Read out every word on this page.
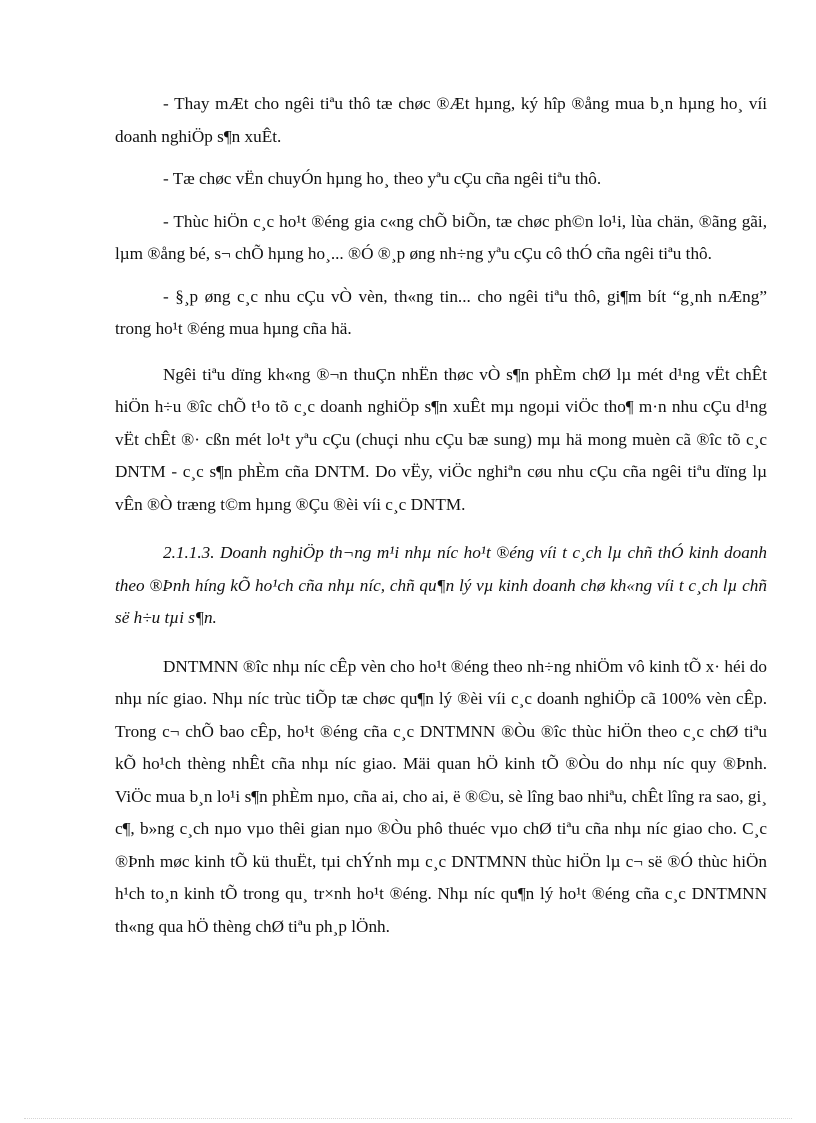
- Thay mÆt cho ngêi tiªu thô tæ chøc ®Æt hµng, ký hîp ®ång mua b¸n hµng ho¸ víi doanh nghiÖp s¶n xuÊt.

- Tæ chøc vËn chuyÓn hµng ho¸ theo yªu cÇu cña ngêi tiªu thô.

- Thùc hiÖn c¸c ho¹t ®éng gia c«ng chÕ biÕn, tæ chøc ph©n lo¹i, lùa chän, ®ãng gãi, lµm ®ång bé, s¬ chÕ hµng ho¸... ®Ó ®¸p øng nh÷ng yªu cÇu cô thÓ cña ngêi tiªu thô.

- §¸p øng c¸c nhu cÇu vÒ vèn, th«ng tin... cho ngêi tiªu thô, gi¶m bít “g¸nh nÆng” trong ho¹t ®éng mua hµng cña hä.

Ngêi tiªu dïng kh«ng ®¬n thuÇn nhËn thøc vÒ s¶n phÈm chØ lµ mét d¹ng vËt chÊt hiÖn h÷u ®îc chÕ t¹o tõ c¸c doanh nghiÖp s¶n xuÊt mµ ngoµi viÖc tho¶ m·n nhu cÇu d¹ng vËt chÊt ®· cßn mét lo¹t yªu cÇu (chuçi nhu cÇu bæ sung) mµ hä mong muèn cã ®îc tõ c¸c DNTM - c¸c s¶n phÈm cña DNTM. Do vËy, viÖc nghiªn cøu nhu cÇu cña ngêi tiªu dïng lµ vÊn ®Ò træng t©m hµng ®Çu ®èi víi c¸c DNTM.

2.1.1.3. Doanh nghiÖp th¬ng m¹i nhµ níc ho¹t ®éng víi t c¸ch lµ chñ thÓ kinh doanh theo ®Þnh híng kÕ ho¹ch cña nhµ níc, chñ qu¶n lý vµ kinh doanh chø kh«ng víi t c¸ch lµ chñ së h÷u tµi s¶n.

DNTMNN ®îc nhµ níc cÊp vèn cho ho¹t ®éng theo nh÷ng nhiÖm vô kinh tÕ x· héi do nhµ níc giao. Nhµ níc trùc tiÕp tæ chøc qu¶n lý ®èi víi c¸c doanh nghiÖp cã 100% vèn cÊp. Trong c¬ chÕ bao cÊp, ho¹t ®éng cña c¸c DNTMNN ®Òu ®îc thùc hiÖn theo c¸c chØ tiªu kÕ ho¹ch thèng nhÊt cña nhµ níc giao. Mäi quan hÖ kinh tÕ ®Òu do nhµ níc quy ®Þnh. ViÖc mua b¸n lo¹i s¶n phÈm nµo, cña ai, cho ai, ë ®©u, sè lîng bao nhiªu, chÊt lîng ra sao, gi¸ c¶, b»ng c¸ch nµo vµo thêi gian nµo ®Òu phô thuéc vµo chØ tiªu cña nhµ níc giao cho. C¸c ®Þnh møc kinh tÕ kü thuËt, tµi chÝnh mµ c¸c DNTMNN thùc hiÖn lµ c¬ së ®Ó thùc hiÖn h¹ch to¸n kinh tÕ trong qu¸ tr×nh ho¹t ®éng. Nhµ níc qu¶n lý ho¹t ®éng cña c¸c DNTMNN th«ng qua hÖ thèng chØ tiªu ph¸p lÖnh.
